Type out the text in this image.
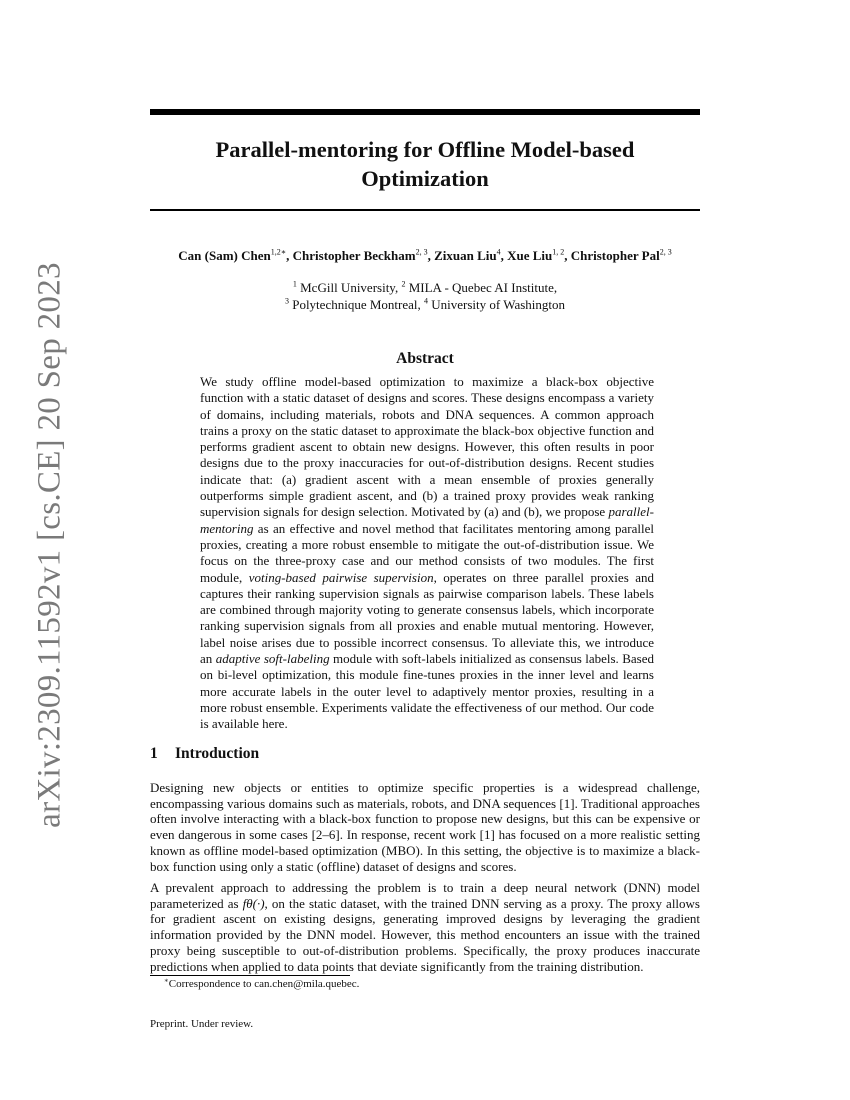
arXiv:2309.11592v1 [cs.CE] 20 Sep 2023
Parallel-mentoring for Offline Model-based
Optimization
Can (Sam) Chen$^{1,2∗}$, Christopher Beckham$^{2, 3}$, Zixuan Liu$^4$, Xue Liu$^{1, 2}$, Christopher Pal$^{2, 3}$
$^1$ McGill University, $^2$ MILA - Quebec AI Institute,
$^3$ Polytechnique Montreal, $^4$ University of Washington
Abstract
We study offline model-based optimization to maximize a black-box objective function with a static dataset of designs and scores. These designs encompass a variety of domains, including materials, robots and DNA sequences. A common approach trains a proxy on the static dataset to approximate the black-box objective function and performs gradient ascent to obtain new designs. However, this often results in poor designs due to the proxy inaccuracies for out-of-distribution designs. Recent studies indicate that: (a) gradient ascent with a mean ensemble of proxies generally outperforms simple gradient ascent, and (b) a trained proxy provides weak ranking supervision signals for design selection. Motivated by (a) and (b), we propose parallel-mentoring as an effective and novel method that facilitates mentoring among parallel proxies, creating a more robust ensemble to mitigate the out-of-distribution issue. We focus on the three-proxy case and our method consists of two modules. The first module, voting-based pairwise supervision, operates on three parallel proxies and captures their ranking supervision signals as pairwise comparison labels. These labels are combined through majority voting to generate consensus labels, which incorporate ranking supervision signals from all proxies and enable mutual mentoring. However, label noise arises due to possible incorrect consensus. To alleviate this, we introduce an adaptive soft-labeling module with soft-labels initialized as consensus labels. Based on bi-level optimization, this module fine-tunes proxies in the inner level and learns more accurate labels in the outer level to adaptively mentor proxies, resulting in a more robust ensemble. Experiments validate the effectiveness of our method. Our code is available here.
1 Introduction
Designing new objects or entities to optimize specific properties is a widespread challenge, encompassing various domains such as materials, robots, and DNA sequences [1]. Traditional approaches often involve interacting with a black-box function to propose new designs, but this can be expensive or even dangerous in some cases [2–6]. In response, recent work [1] has focused on a more realistic setting known as offline model-based optimization (MBO). In this setting, the objective is to maximize a black-box function using only a static (offline) dataset of designs and scores.
A prevalent approach to addressing the problem is to train a deep neural network (DNN) model parameterized as fθ(·), on the static dataset, with the trained DNN serving as a proxy. The proxy allows for gradient ascent on existing designs, generating improved designs by leveraging the gradient information provided by the DNN model. However, this method encounters an issue with the trained proxy being susceptible to out-of-distribution problems. Specifically, the proxy produces inaccurate predictions when applied to data points that deviate significantly from the training distribution.
∗Correspondence to can.chen@mila.quebec.
Preprint. Under review.
